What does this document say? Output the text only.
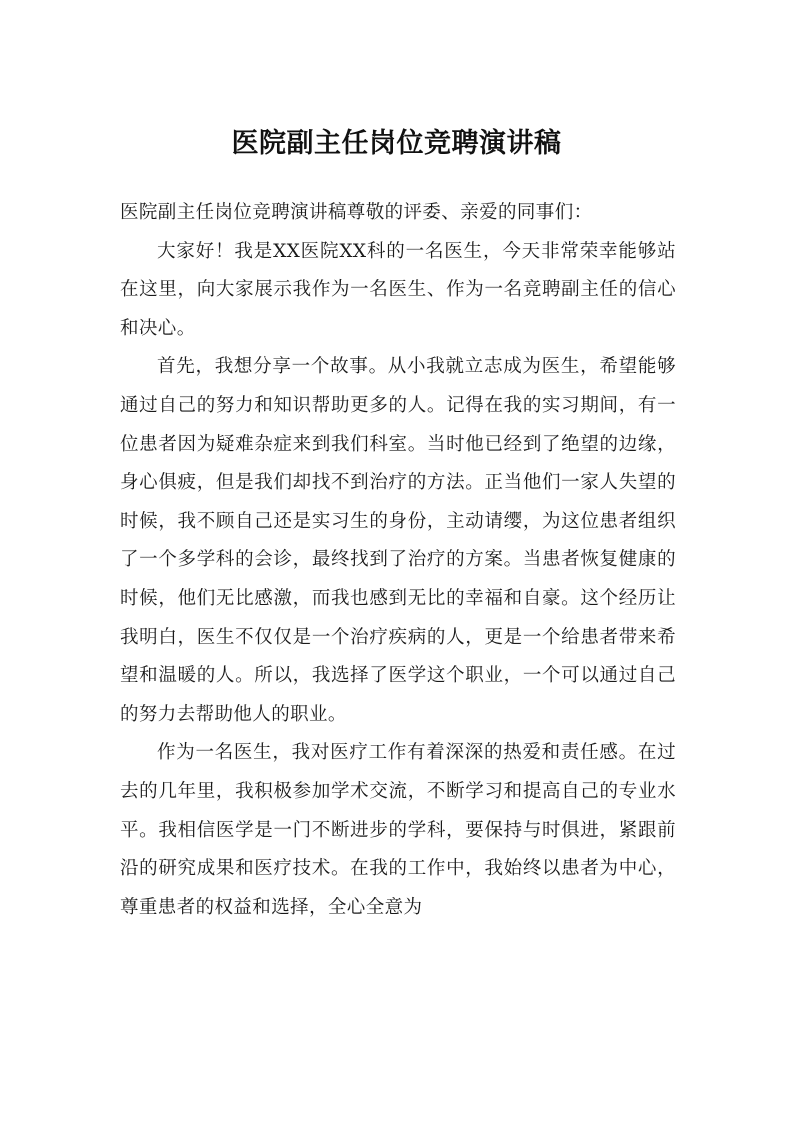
医院副主任岗位竞聘演讲稿

医院副主任岗位竞聘演讲稿尊敬的评委、亲爱的同事们：

大家好！我是XX医院XX科的一名医生，今天非常荣幸能够站在这里，向大家展示我作为一名医生、作为一名竞聘副主任的信心和决心。

首先，我想分享一个故事。从小我就立志成为医生，希望能够通过自己的努力和知识帮助更多的人。记得在我的实习期间，有一位患者因为疑难杂症来到我们科室。当时他已经到了绝望的边缘，身心俱疲，但是我们却找不到治疗的方法。正当他们一家人失望的时候，我不顾自己还是实习生的身份，主动请缨，为这位患者组织了一个多学科的会诊，最终找到了治疗的方案。当患者恢复健康的时候，他们无比感激，而我也感到无比的幸福和自豪。这个经历让我明白，医生不仅仅是一个治疗疾病的人，更是一个给患者带来希望和温暖的人。所以，我选择了医学这个职业，一个可以通过自己的努力去帮助他人的职业。

作为一名医生，我对医疗工作有着深深的热爱和责任感。在过去的几年里，我积极参加学术交流，不断学习和提高自己的专业水平。我相信医学是一门不断进步的学科，要保持与时俱进，紧跟前沿的研究成果和医疗技术。在我的工作中，我始终以患者为中心，尊重患者的权益和选择，全心全意为
